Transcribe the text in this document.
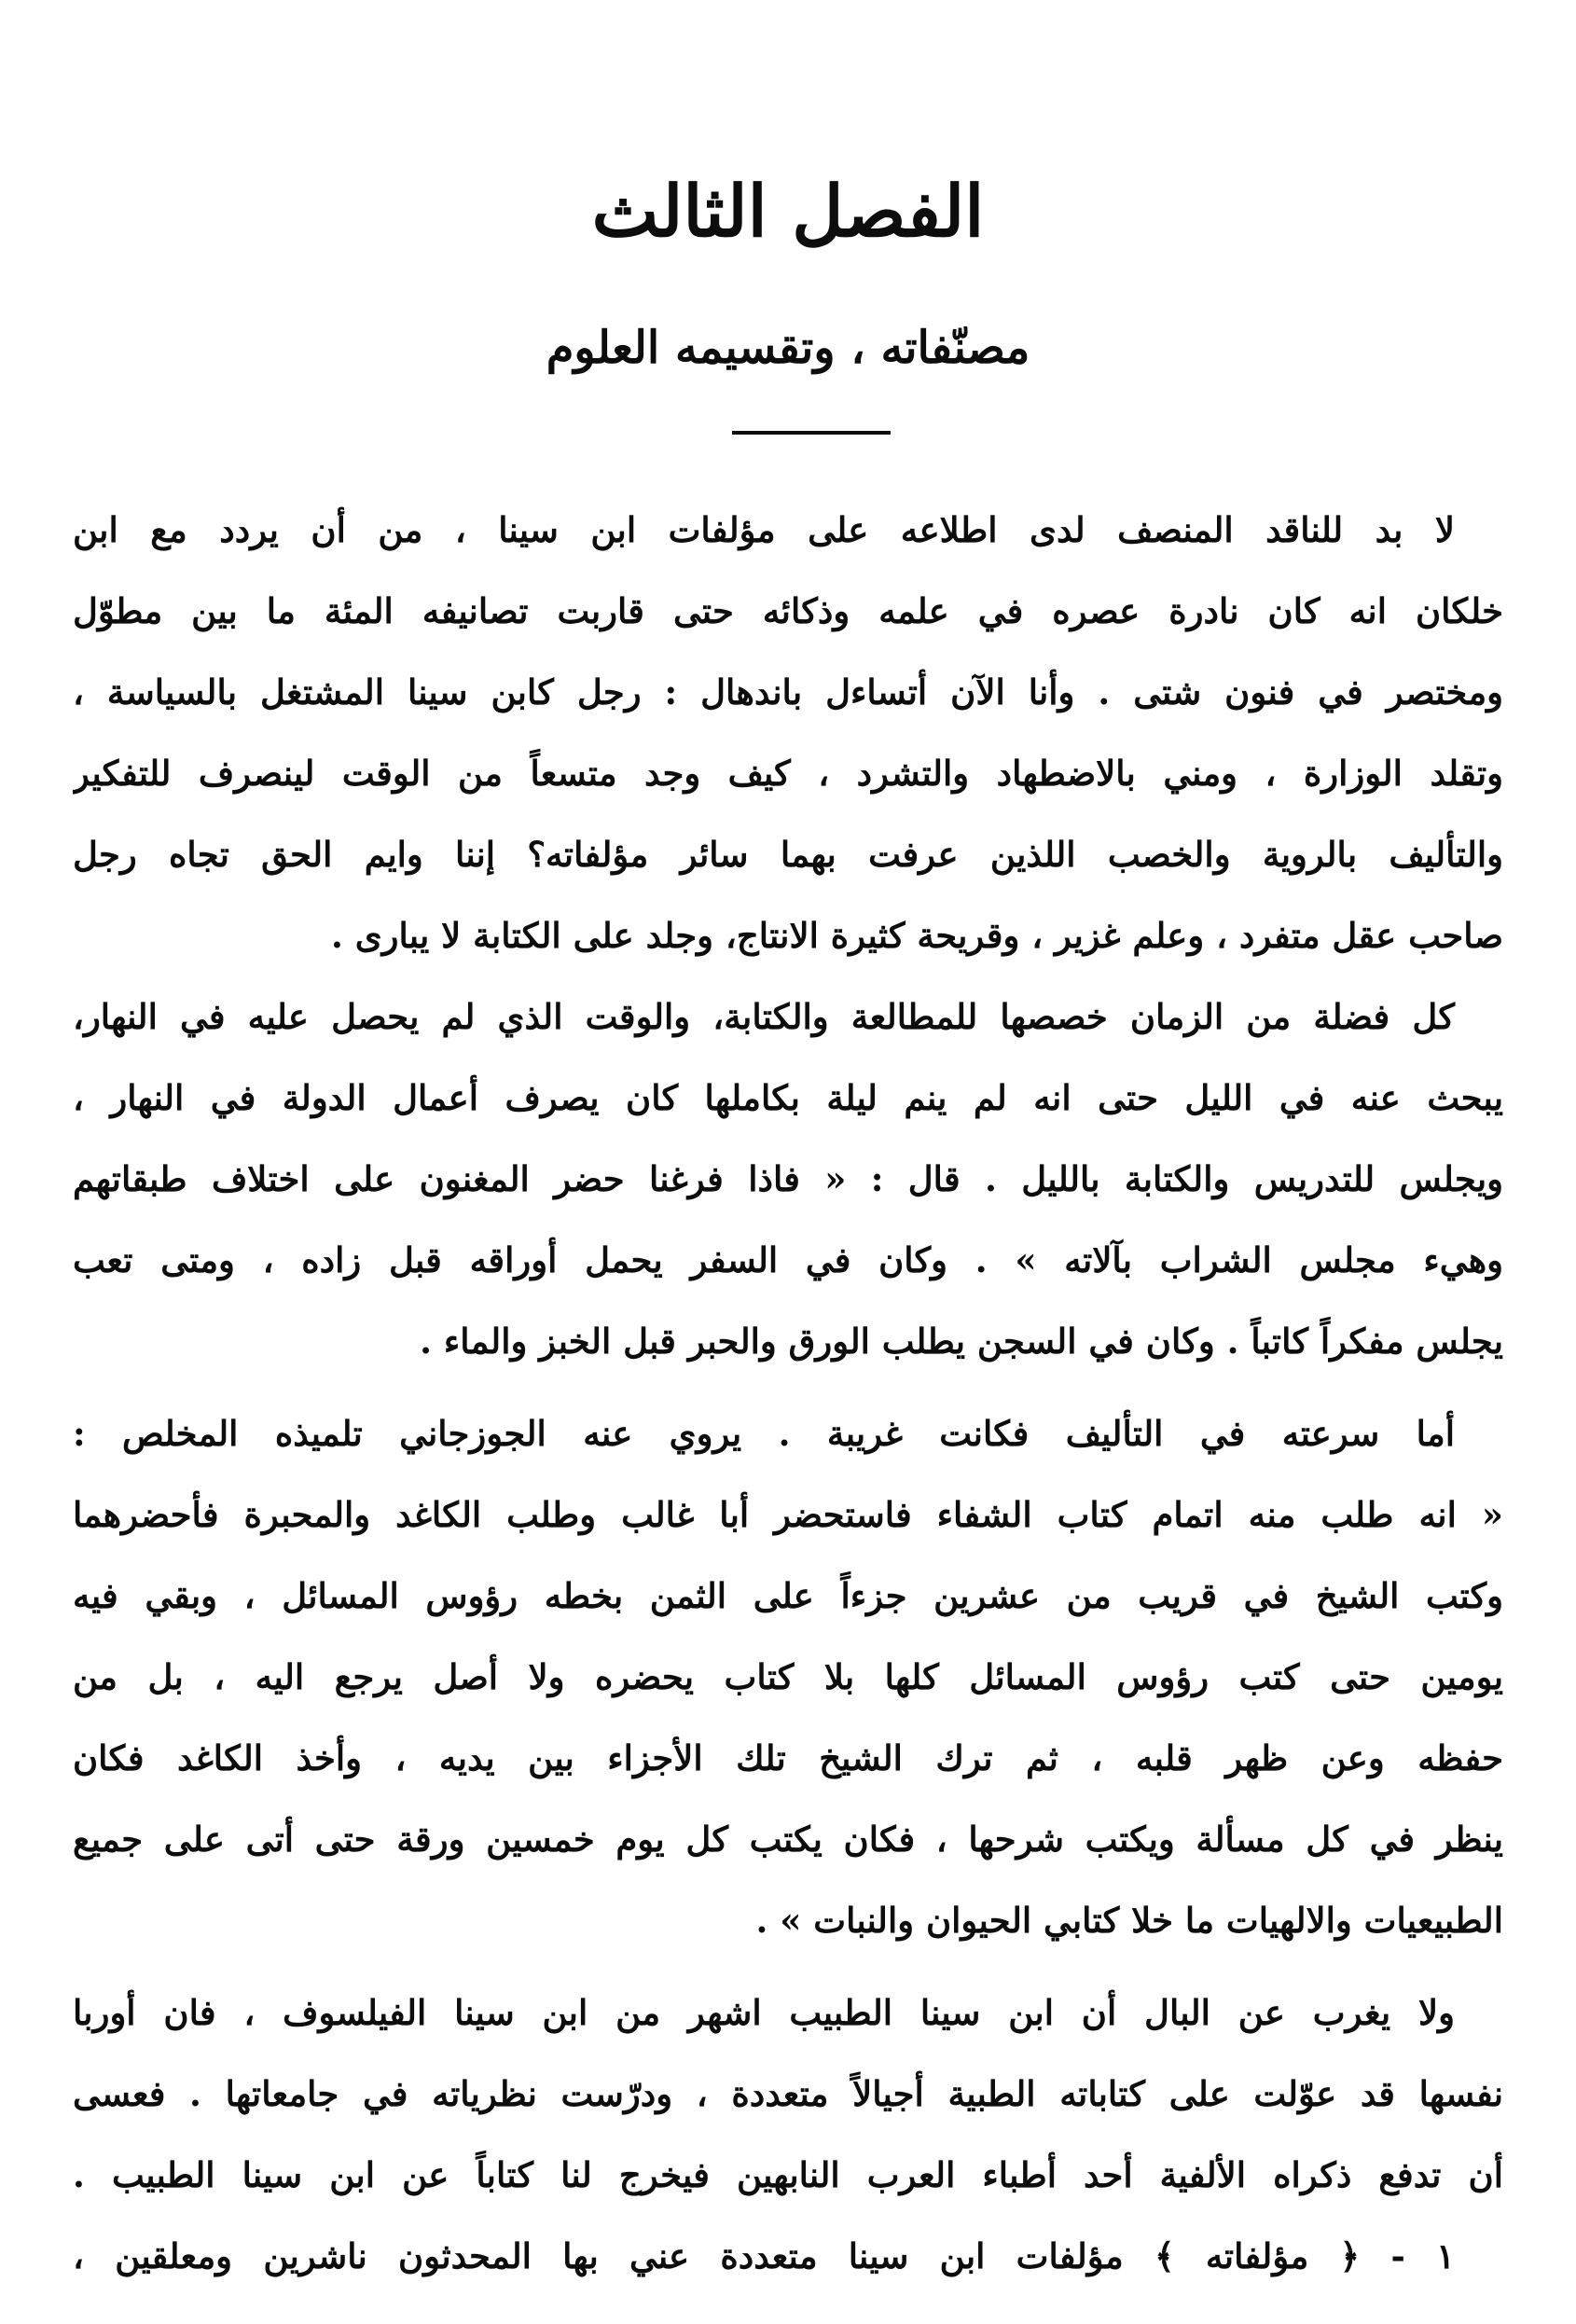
الفصل الثالث
مصنّفاته ، وتقسيمه العلوم
لا بد للناقد المنصف لدى اطلاعه على مؤلفات ابن سينا ، من أن يردد مع ابن
خلكان انه كان نادرة عصره في علمه وذكائه حتى قاربت تصانيفه المئة ما بين مطوّل
ومختصر في فنون شتى . وأنا الآن أتساءل باندهال : رجل كابن سينا المشتغل بالسياسة ،
وتقلد الوزارة ، ومني بالاضطهاد والتشرد ، كيف وجد متسعاً من الوقت لينصرف للتفكير
والتأليف بالروية والخصب اللذين عرفت بهما سائر مؤلفاته؟ إننا وايم الحق تجاه رجل
صاحب عقل متفرد ، وعلم غزير ، وقريحة كثيرة الانتاج، وجلد على الكتابة لا يبارى .
كل فضلة من الزمان خصصها للمطالعة والكتابة، والوقت الذي لم يحصل عليه في النهار،
يبحث عنه في الليل حتى انه لم ينم ليلة بكاملها كان يصرف أعمال الدولة في النهار ،
ويجلس للتدريس والكتابة بالليل . قال : « فاذا فرغنا حضر المغنون على اختلاف طبقاتهم
وهيء مجلس الشراب بآلاته » . وكان في السفر يحمل أوراقه قبل زاده ، ومتى تعب
يجلس مفكراً كاتباً . وكان في السجن يطلب الورق والحبر قبل الخبز والماء .
أما سرعته في التأليف فكانت غريبة . يروي عنه الجوزجاني تلميذه المخلص :
« انه طلب منه اتمام كتاب الشفاء فاستحضر أبا غالب وطلب الكاغد والمحبرة فأحضرهما
وكتب الشيخ في قريب من عشرين جزءاً على الثمن بخطه رؤوس المسائل ، وبقي فيه
يومين حتى كتب رؤوس المسائل كلها بلا كتاب يحضره ولا أصل يرجع اليه ، بل من
حفظه وعن ظهر قلبه ، ثم ترك الشيخ تلك الأجزاء بين يديه ، وأخذ الكاغد فكان
ينظر في كل مسألة ويكتب شرحها ، فكان يكتب كل يوم خمسين ورقة حتى أتى على جميع
الطبيعيات والالهيات ما خلا كتابي الحيوان والنبات » .
ولا يغرب عن البال أن ابن سينا الطبيب اشهر من ابن سينا الفيلسوف ، فان أوربا
نفسها قد عوّلت على كتاباته الطبية أجيالاً متعددة ، ودرّست نظرياته في جامعاتها . فعسى
أن تدفع ذكراه الألفية أحد أطباء العرب النابهين فيخرج لنا كتاباً عن ابن سينا الطبيب .
١ - ﴿ مؤلفاته ﴾ مؤلفات ابن سينا متعددة عني بها المحدثون ناشرين ومعلقين ،
